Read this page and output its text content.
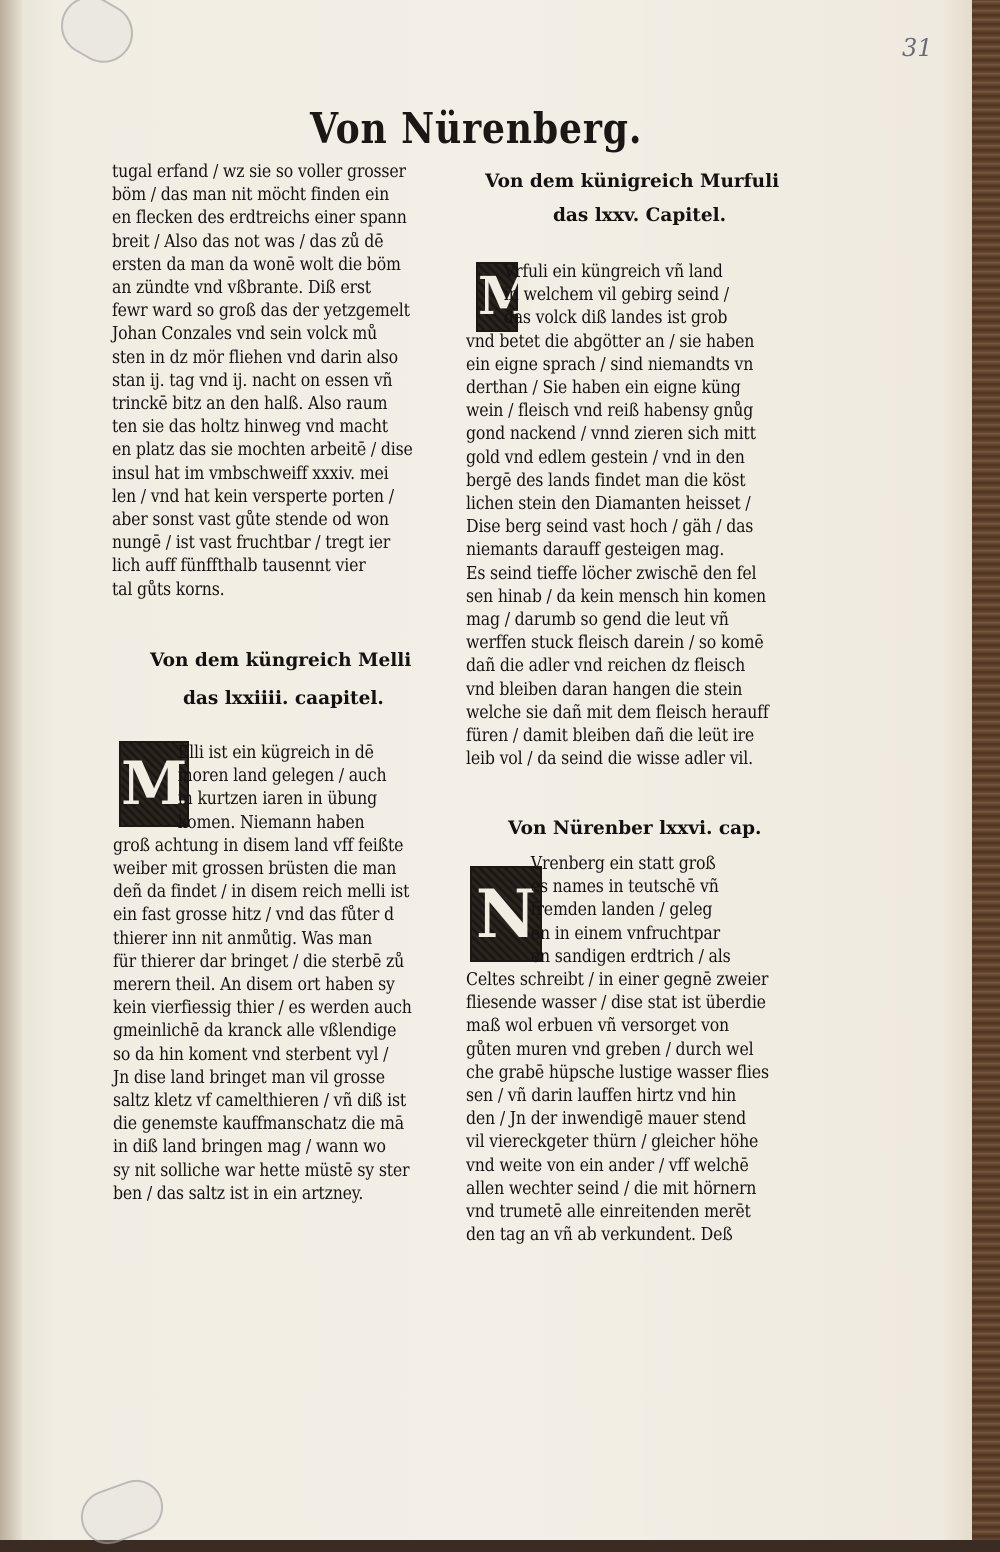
31
Von Nürenberg.
tugal erfand / wz sie so voller grosser
böm / das man nit möcht finden ein
en flecken des erdtreichs einer spann
breit / Also das not was / das zů dē
ersten da man da wonē wolt die böm
an zündte vnd vßbrante. Diß erst
fewr ward so groß das der yetzgemelt
Johan Conzales vnd sein volck mů
sten in dz mör fliehen vnd darin also
stan ij. tag vnd ij. nacht on essen vñ
trinckē bitz an den halß. Also raum
ten sie das holtz hinweg vnd macht
en platz das sie mochten arbeitē / dise
insul hat im vmbschweiff xxxiv. mei
len / vnd hat kein versperte porten /
aber sonst vast gůte stende od won
nungē / ist vast fruchtbar / tregt ier
lich auff fünffthalb tausennt vier
tal gůts korns.
Von dem küngreich Melli
das lxxiiii. caapitel.
M
Elli ist ein kügreich in dē
moren land gelegen / auch
in kurtzen iaren in übung
komen. Niemann haben
groß achtung in disem land vff feißte
weiber mit grossen brüsten die man
deñ da findet / in disem reich melli ist
ein fast grosse hitz / vnd das fůter d
thierer inn nit anmůtig. Was man
für thierer dar bringet / die sterbē zů
merern theil. An disem ort haben sy
kein vierfiessig thier / es werden auch
gmeinlichē da kranck alle vßlendige
so da hin koment vnd sterbent vyl /
Jn dise land bringet man vil grosse
saltz kletz vf camelthieren / vñ diß ist
die genemste kauffmanschatz die mā
in diß land bringen mag / wann wo
sy nit solliche war hette müstē sy ster
ben / das saltz ist in ein artzney.
Von dem künigreich Murfuli
das lxxv. Capitel.
M
Vrfuli ein küngreich vñ land
in welchem vil gebirg seind /
das volck diß landes ist grob
vnd betet die abgötter an / sie haben
ein eigne sprach / sind niemandts vn
derthan / Sie haben ein eigne küng
wein / fleisch vnd reiß habensy gnůg
gond nackend / vnnd zieren sich mitt
gold vnd edlem gestein / vnd in den
bergē des lands findet man die köst
lichen stein den Diamanten heisset /
Dise berg seind vast hoch / gäh / das
niemants darauff gesteigen mag.
Es seind tieffe löcher zwischē den fel
sen hinab / da kein mensch hin komen
mag / darumb so gend die leut vñ
werffen stuck fleisch darein / so komē
dañ die adler vnd reichen dz fleisch
vnd bleiben daran hangen die stein
welche sie dañ mit dem fleisch herauff
füren / damit bleiben dañ die leüt ire
leib vol / da seind die wisse adler vil.
Von Nürenber lxxvi. cap.
N
Vrenberg ein statt groß
es names in teutschē vñ
fremden landen / geleg
en in einem vnfruchtpar
en sandigen erdtrich / als
Celtes schreibt / in einer gegnē zweier
fliesende wasser / dise stat ist überdie
maß wol erbuen vñ versorget von
gůten muren vnd greben / durch wel
che grabē hüpsche lustige wasser flies
sen / vñ darin lauffen hirtz vnd hin
den / Jn der inwendigē mauer stend
vil viereckgeter thürn / gleicher höhe
vnd weite von ein ander / vff welchē
allen wechter seind / die mit hörnern
vnd trumetē alle einreitenden merēt
den tag an vñ ab verkundent. Deß
